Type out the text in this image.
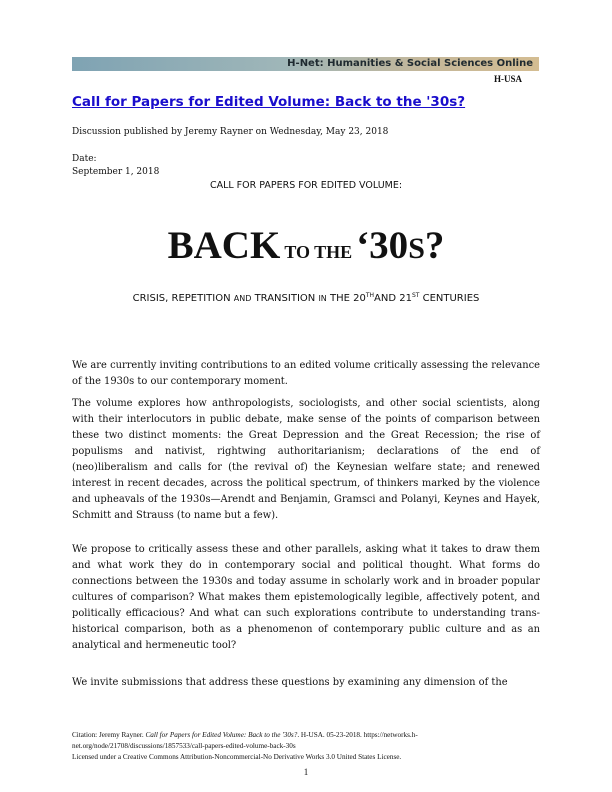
H-Net: Humanities & Social Sciences Online
H-USA
Call for Papers for Edited Volume: Back to the '30s?
Discussion published by Jeremy Rayner on Wednesday, May 23, 2018
Date:
September 1, 2018
CALL FOR PAPERS FOR EDITED VOLUME:
BACK TO THE ‘30S?
CRISIS, REPETITION AND TRANSITION IN THE 20THAND 21ST CENTURIES

We are currently inviting contributions to an edited volume critically assessing the relevance of the 1930s to our contemporary moment.

The volume explores how anthropologists, sociologists, and other social scientists, along with their interlocutors in public debate, make sense of the points of comparison between these two distinct moments: the Great Depression and the Great Recession; the rise of populisms and nativist, rightwing authoritarianism; declarations of the end of (neo)liberalism and calls for (the revival of) the Keynesian welfare state; and renewed interest in recent decades, across the political spectrum, of thinkers marked by the violence and upheavals of the 1930s—Arendt and Benjamin, Gramsci and Polanyi, Keynes and Hayek, Schmitt and Strauss (to name but a few).

We propose to critically assess these and other parallels, asking what it takes to draw them and what work they do in contemporary social and political thought. What forms do connections between the 1930s and today assume in scholarly work and in broader popular cultures of comparison? What makes them epistemologically legible, affectively potent, and politically efficacious? And what can such explorations contribute to understanding trans-historical comparison, both as a phenomenon of contemporary public culture and as an analytical and hermeneutic tool?

We invite submissions that address these questions by examining any dimension of the

Citation: Jeremy Rayner. Call for Papers for Edited Volume: Back to the '30s?. H-USA. 05-23-2018. https://networks.h-net.org/node/21708/discussions/1857533/call-papers-edited-volume-back-30s
Licensed under a Creative Commons Attribution-Noncommercial-No Derivative Works 3.0 United States License.
1
